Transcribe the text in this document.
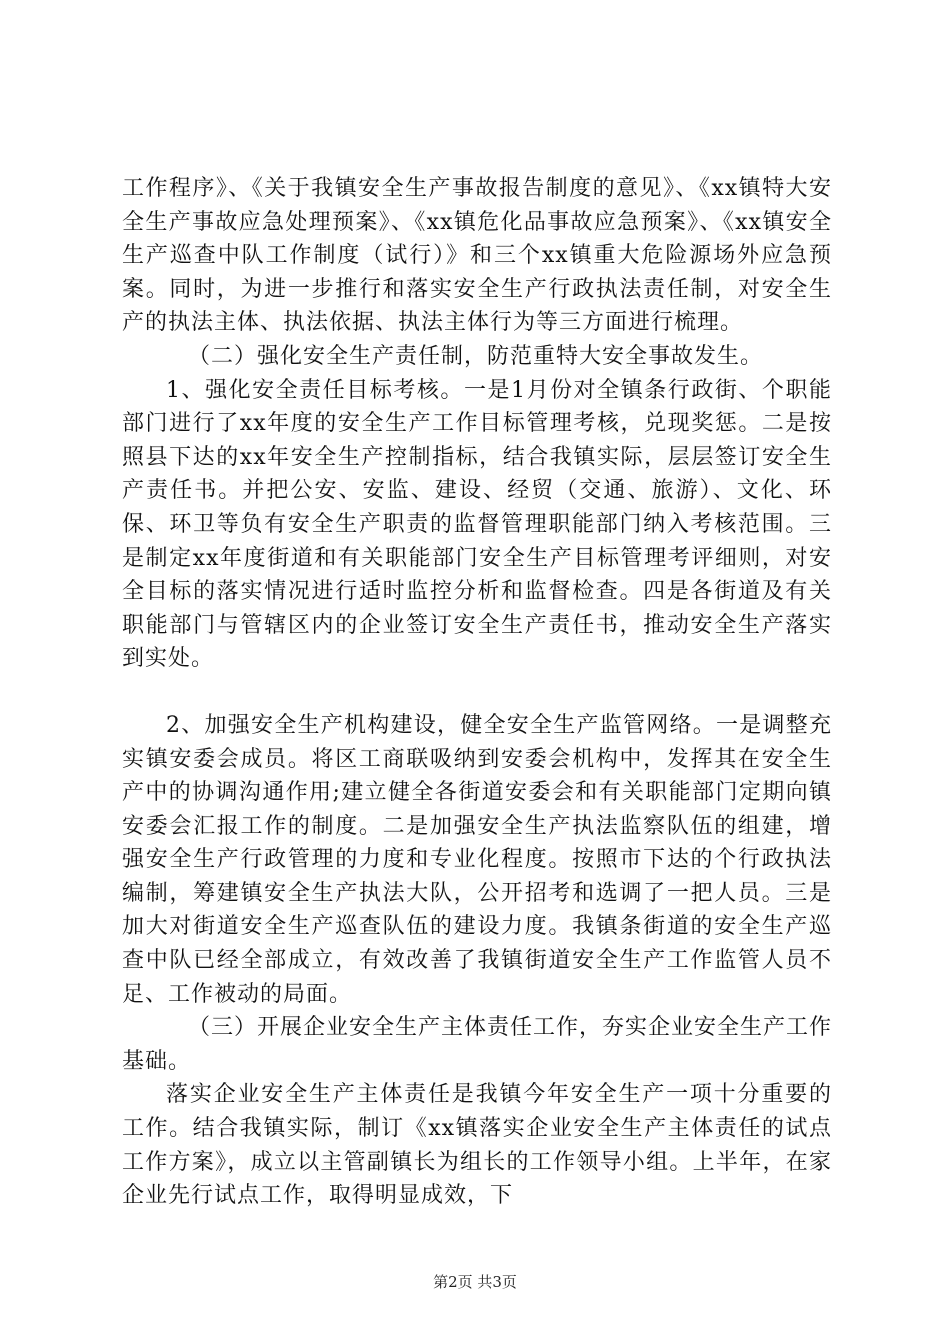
工作程序》、《关于我镇安全生产事故报告制度的意见》、《xx镇特大安全生产事故应急处理预案》、《xx镇危化品事故应急预案》、《xx镇安全生产巡查中队工作制度（试行）》和三个xx镇重大危险源场外应急预案。同时，为进一步推行和落实安全生产行政执法责任制，对安全生产的执法主体、执法依据、执法主体行为等三方面进行梳理。

（二）强化安全生产责任制，防范重特大安全事故发生。

1、强化安全责任目标考核。一是1月份对全镇条行政街、个职能部门进行了xx年度的安全生产工作目标管理考核，兑现奖惩。二是按照县下达的xx年安全生产控制指标，结合我镇实际，层层签订安全生产责任书。并把公安、安监、建设、经贸（交通、旅游）、文化、环保、环卫等负有安全生产职责的监督管理职能部门纳入考核范围。三是制定xx年度街道和有关职能部门安全生产目标管理考评细则，对安全目标的落实情况进行适时监控分析和监督检查。四是各街道及有关职能部门与管辖区内的企业签订安全生产责任书，推动安全生产落实到实处。

2、加强安全生产机构建设，健全安全生产监管网络。一是调整充实镇安委会成员。将区工商联吸纳到安委会机构中，发挥其在安全生产中的协调沟通作用;建立健全各街道安委会和有关职能部门定期向镇安委会汇报工作的制度。二是加强安全生产执法监察队伍的组建，增强安全生产行政管理的力度和专业化程度。按照市下达的个行政执法编制，筹建镇安全生产执法大队，公开招考和选调了一把人员。三是加大对街道安全生产巡查队伍的建设力度。我镇条街道的安全生产巡查中队已经全部成立，有效改善了我镇街道安全生产工作监管人员不足、工作被动的局面。

（三）开展企业安全生产主体责任工作，夯实企业安全生产工作基础。

落实企业安全生产主体责任是我镇今年安全生产一项十分重要的工作。结合我镇实际，制订《xx镇落实企业安全生产主体责任的试点工作方案》，成立以主管副镇长为组长的工作领导小组。上半年，在家企业先行试点工作，取得明显成效，下

第2页 共3页
